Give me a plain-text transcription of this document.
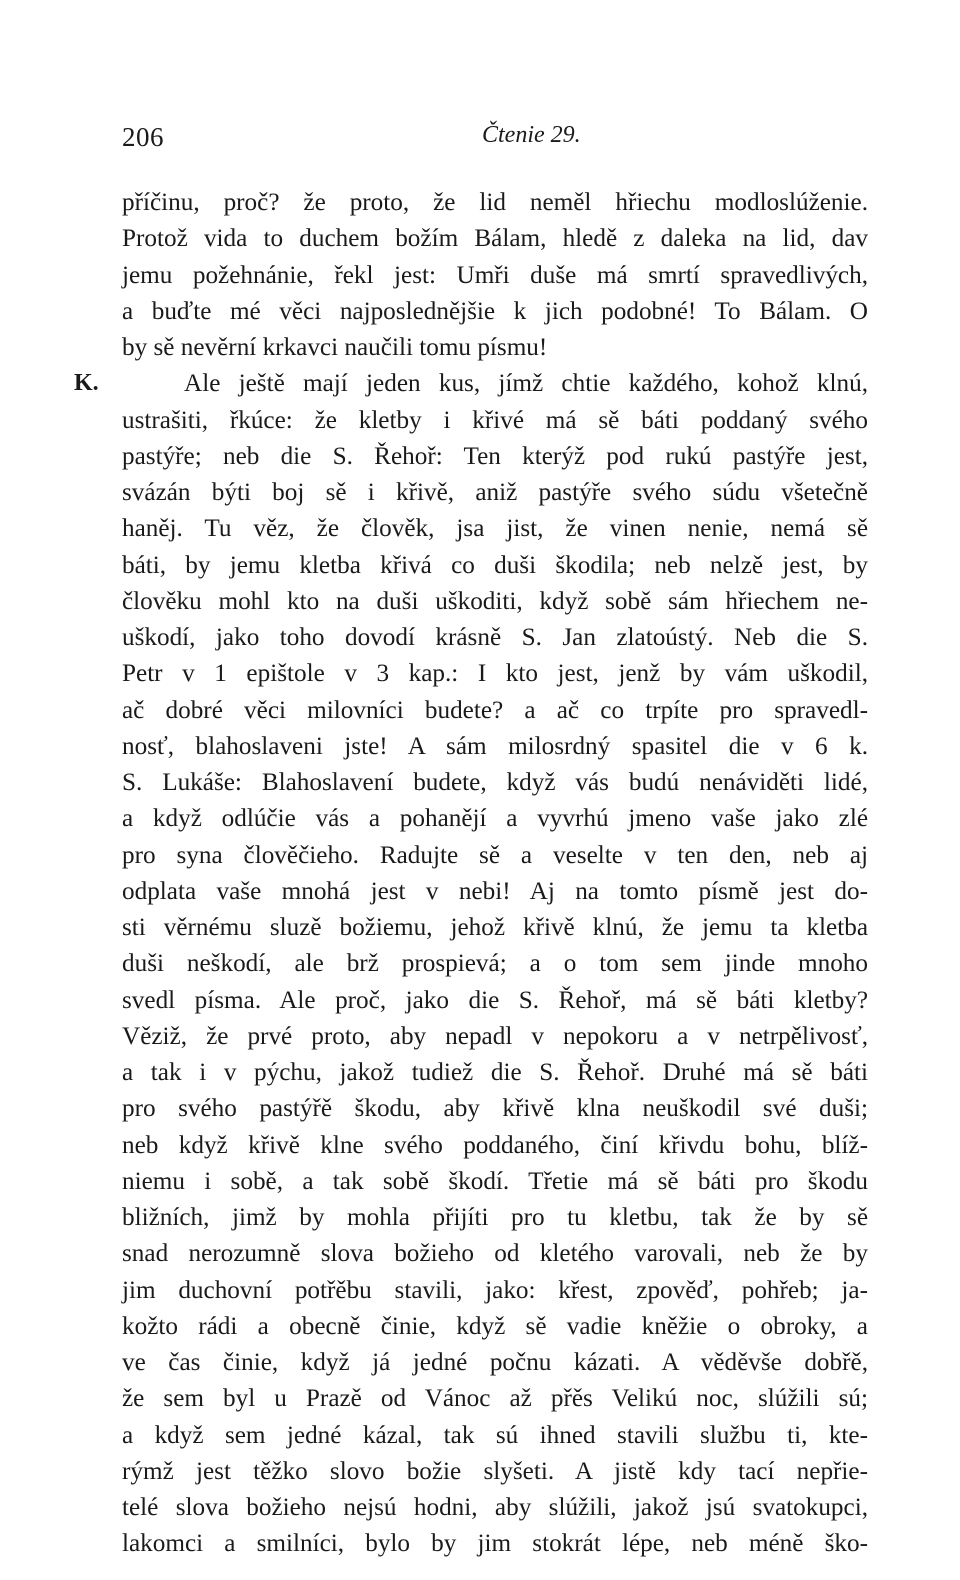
206	Čtenie 29.
K.
příčinu, proč? že proto, že lid neměl hřiechu modloslúženie.
Protož vida to duchem božím Bálam, hledě z daleka na lid, dav
jemu požehnánie, řekl jest: Umři duše má smrtí spravedlivých,
a buďte mé věci najposlednějšie k jich podobné! To Bálam. O
by sě nevěrní krkavci naučili tomu písmu!
Ale ještě mají jeden kus, jímž chtie každého, kohož klnú,
ustrašiti, řkúce: že kletby i křivé má sě báti poddaný svého
pastýře; neb die S. Řehoř: Ten kterýž pod rukú pastýře jest,
svázán býti boj sě i křivě, aniž pastýře svého súdu všetečně
haněj. Tu věz, že člověk, jsa jist, že vinen nenie, nemá sě
báti, by jemu kletba křivá co duši škodila; neb nelzě jest, by
člověku mohl kto na duši uškoditi, když sobě sám hřiechem ne-
uškodí, jako toho dovodí krásně S. Jan zlatoústý. Neb die S.
Petr v 1 epištole v 3 kap.: I kto jest, jenž by vám uškodil,
ač dobré věci milovníci budete? a ač co trpíte pro spravedl-
nosť, blahoslaveni jste! A sám milosrdný spasitel die v 6 k.
S. Lukáše: Blahoslavení budete, když vás budú nenáviděti lidé,
a když odlúčie vás a pohanějí a vyvrhú jmeno vaše jako zlé
pro syna člověčieho. Radujte sě a veselte v ten den, neb aj
odplata vaše mnohá jest v nebi! Aj na tomto písmě jest do-
sti věrnému sluzě božiemu, jehož křivě klnú, že jemu ta kletba
duši neškodí, ale brž prospievá; a o tom sem jinde mnoho
svedl písma. Ale proč, jako die S. Řehoř, má sě báti kletby?
Věziž, že prvé proto, aby nepadl v nepokoru a v netrpělivosť,
a tak i v pýchu, jakož tudiež die S. Řehoř. Druhé má sě báti
pro svého pastýřě škodu, aby křivě klna neuškodil své duši;
neb když křivě klne svého poddaného, činí křivdu bohu, blíž-
niemu i sobě, a tak sobě škodí. Třetie má sě báti pro škodu
bližních, jimž by mohla přijíti pro tu kletbu, tak že by sě
snad nerozumně slova božieho od kletého varovali, neb že by
jim duchovní potřěbu stavili, jako: křest, zpověď, pohřeb; ja-
kožto rádi a obecně činie, když sě vadie kněžie o obroky, a
ve čas činie, když já jedné počnu kázati. A věděvše dobřě,
že sem byl u Prazě od Vánoc až přěs Velikú noc, slúžili sú;
a když sem jedné kázal, tak sú ihned stavili službu ti, kte-
rýmž jest těžko slovo božie slyšeti. A jistě kdy tací nepřie-
telé slova božieho nejsú hodni, aby slúžili, jakož jsú svatokupci,
lakomci a smilníci, bylo by jim stokrát lépe, neb méně ško-
